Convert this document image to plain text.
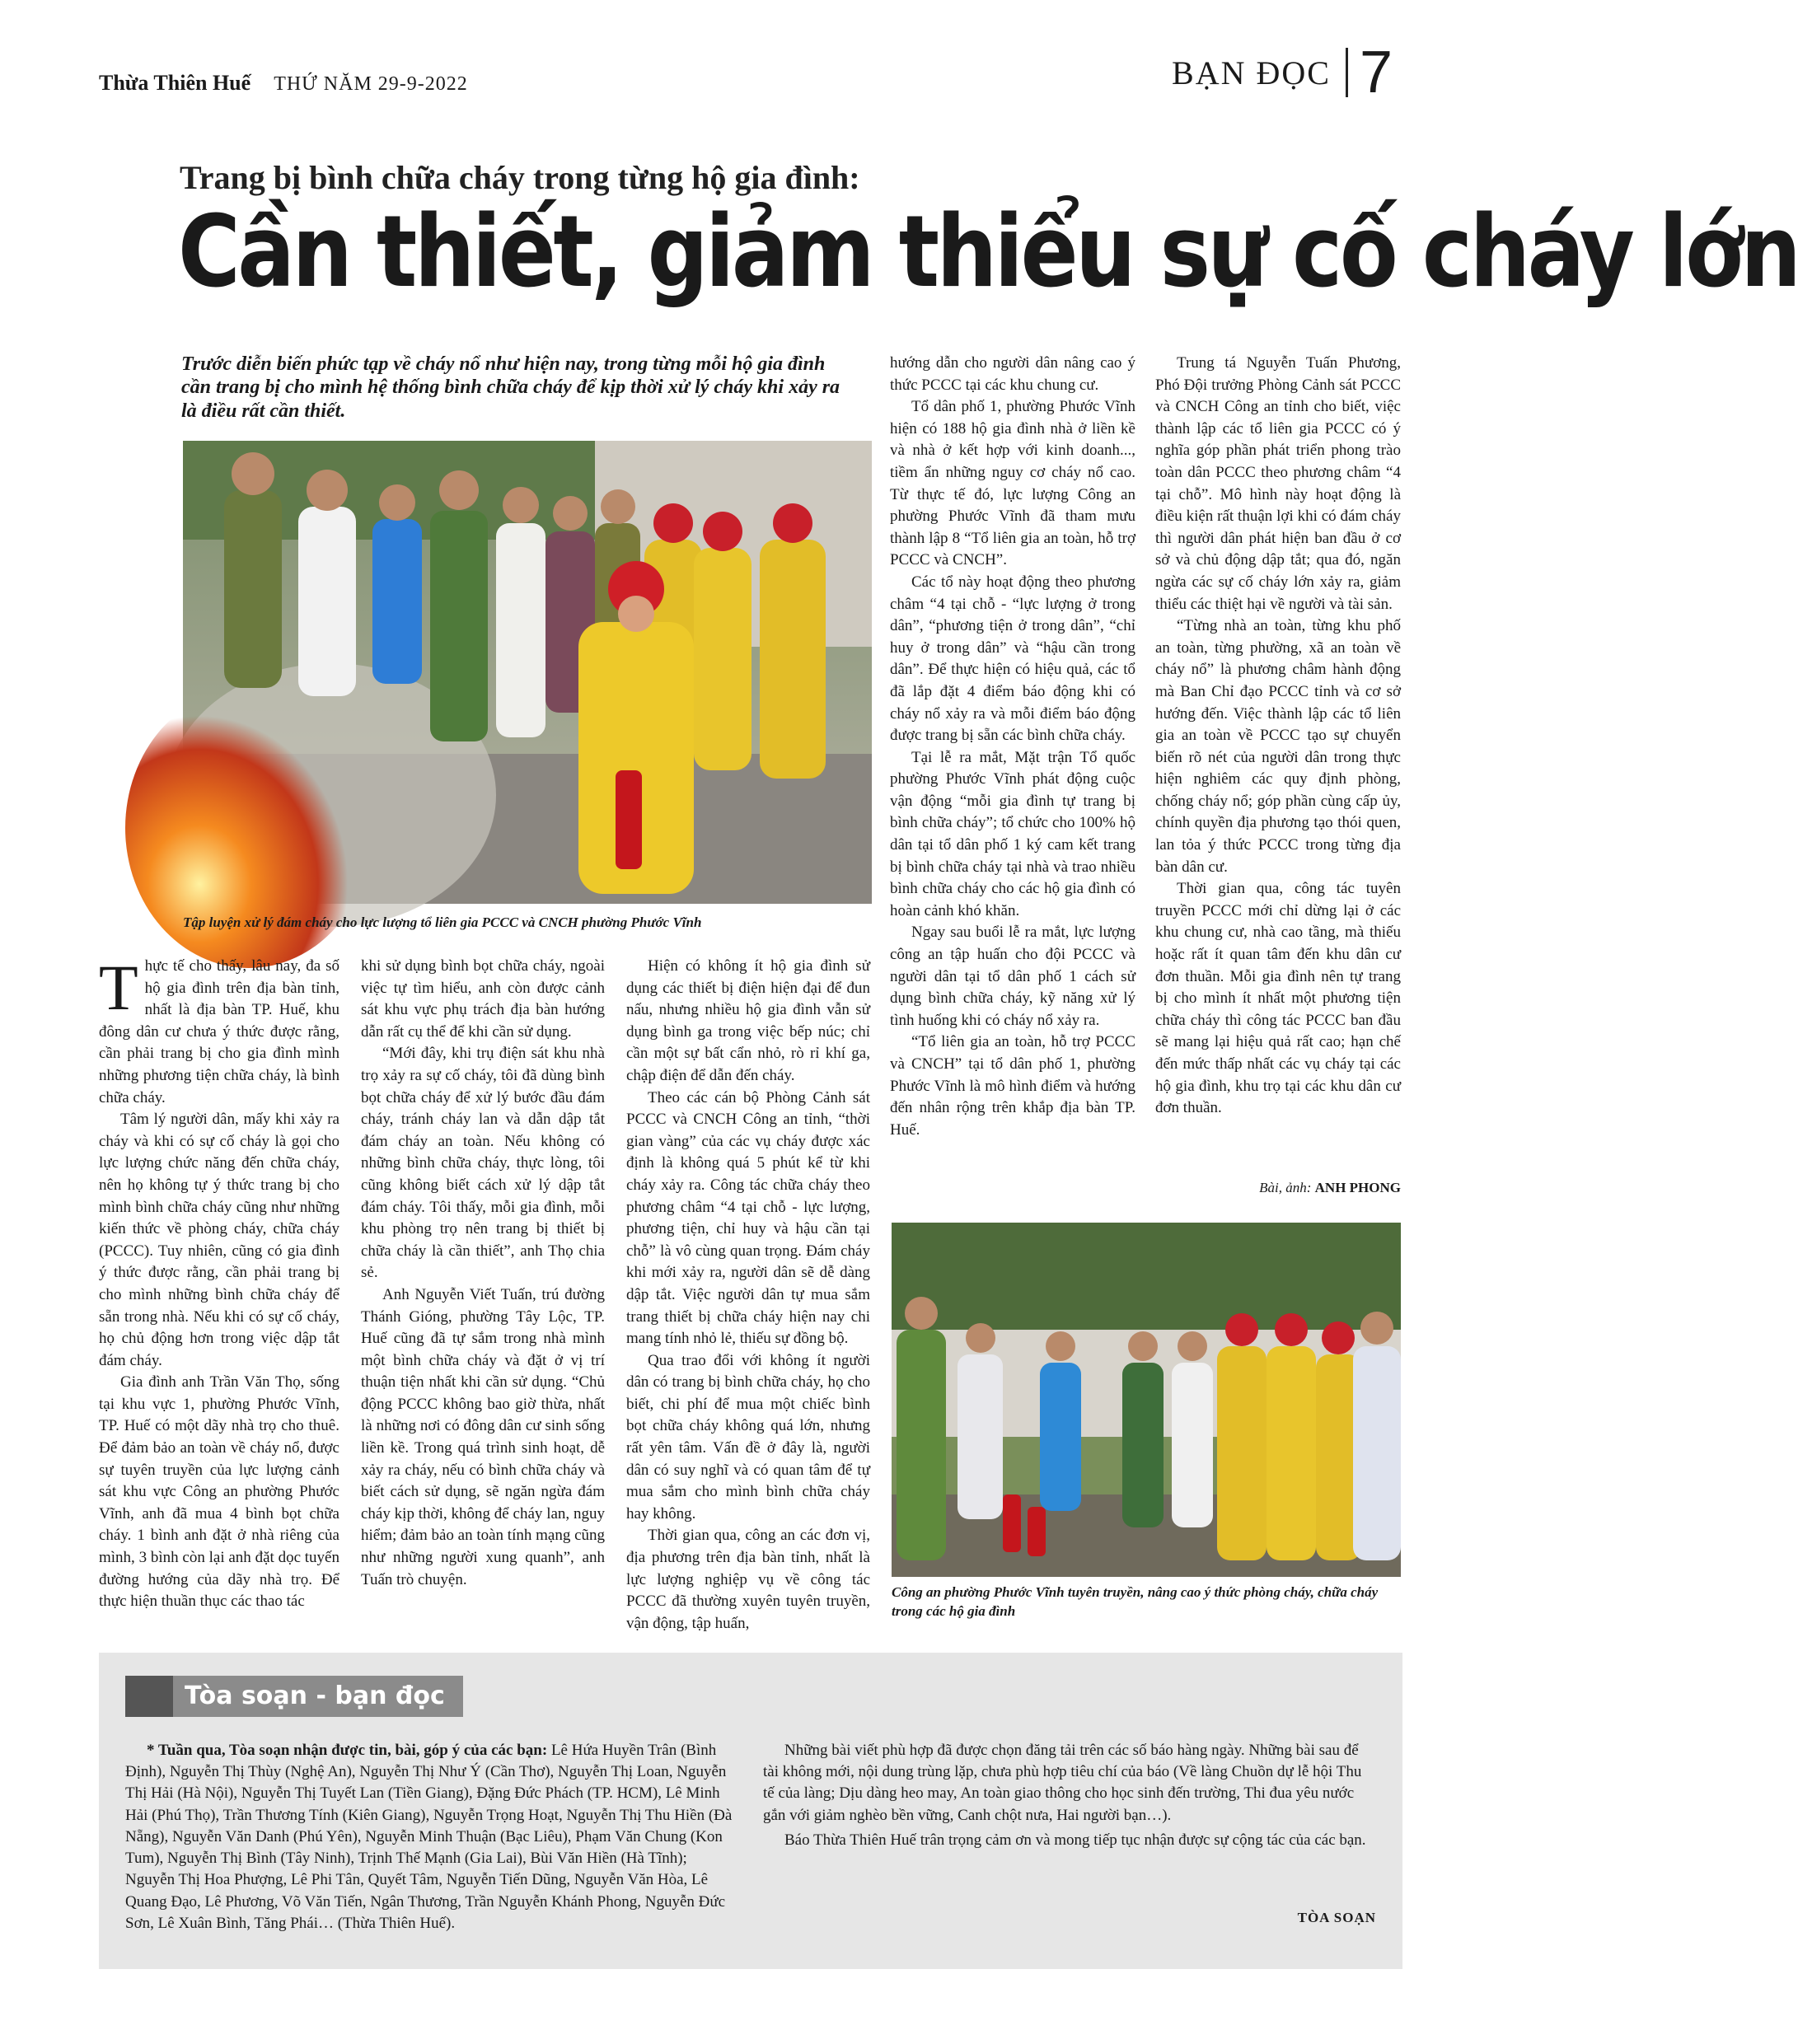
Thừa Thiên Huế THỨ NĂM 29-9-2022	BẠN ĐỌC 7
Trang bị bình chữa cháy trong từng hộ gia đình:
Cần thiết, giảm thiểu sự cố cháy lớn
Trước diễn biến phức tạp về cháy nổ như hiện nay, trong từng mỗi hộ gia đình cần trang bị cho mình hệ thống bình chữa cháy để kịp thời xử lý cháy khi xảy ra là điều rất cần thiết.
Tập luyện xử lý đám cháy cho lực lượng tổ liên gia PCCC và CNCH phường Phước Vĩnh

Thực tế cho thấy, lâu nay, đa số hộ gia đình trên địa bàn tỉnh, nhất là địa bàn TP. Huế, khu đông dân cư chưa ý thức được rằng, cần phải trang bị cho gia đình mình những phương tiện chữa cháy, là bình chữa cháy.

Tâm lý người dân, mấy khi xảy ra cháy và khi có sự cố cháy là gọi cho lực lượng chức năng đến chữa cháy, nên họ không tự ý thức trang bị cho mình bình chữa cháy cũng như những kiến thức về phòng cháy, chữa cháy (PCCC). Tuy nhiên, cũng có gia đình ý thức được rằng, cần phải trang bị cho mình những bình chữa cháy để sẵn trong nhà. Nếu khi có sự cố cháy, họ chủ động hơn trong việc dập tắt đám cháy.

Gia đình anh Trần Văn Thọ, sống tại khu vực 1, phường Phước Vĩnh, TP. Huế có một dãy nhà trọ cho thuê. Để đảm bảo an toàn về cháy nổ, được sự tuyên truyền của lực lượng cảnh sát khu vực Công an phường Phước Vĩnh, anh đã mua 4 bình bọt chữa cháy. 1 bình anh đặt ở nhà riêng của mình, 3 bình còn lại anh đặt dọc tuyến đường hướng của dãy nhà trọ. Để thực hiện thuần thục các thao tác

khi sử dụng bình bọt chữa cháy, ngoài việc tự tìm hiểu, anh còn được cảnh sát khu vực phụ trách địa bàn hướng dẫn rất cụ thể để khi cần sử dụng.

“Mới đây, khi trụ điện sát khu nhà trọ xảy ra sự cố cháy, tôi đã dùng bình bọt chữa cháy để xử lý bước đầu đám cháy, tránh cháy lan và dẫn dập tắt đám cháy an toàn. Nếu không có những bình chữa cháy, thực lòng, tôi cũng không biết cách xử lý dập tắt đám cháy. Tôi thấy, mỗi gia đình, mỗi khu phòng trọ nên trang bị thiết bị chữa cháy là cần thiết”, anh Thọ chia sẻ.

Anh Nguyễn Viết Tuấn, trú đường Thánh Gióng, phường Tây Lộc, TP. Huế cũng đã tự sắm trong nhà mình một bình chữa cháy và đặt ở vị trí thuận tiện nhất khi cần sử dụng. “Chủ động PCCC không bao giờ thừa, nhất là những nơi có đông dân cư sinh sống liền kề. Trong quá trình sinh hoạt, dễ xảy ra cháy, nếu có bình chữa cháy và biết cách sử dụng, sẽ ngăn ngừa đám cháy kịp thời, không để cháy lan, nguy hiểm; đảm bảo an toàn tính mạng cũng như những người xung quanh”, anh Tuấn trò chuyện.

Hiện có không ít hộ gia đình sử dụng các thiết bị điện hiện đại để đun nấu, nhưng nhiều hộ gia đình vẫn sử dụng bình ga trong việc bếp núc; chỉ cần một sự bất cẩn nhỏ, rò rỉ khí ga, chập điện để dẫn đến cháy.

Theo các cán bộ Phòng Cảnh sát PCCC và CNCH Công an tỉnh, “thời gian vàng” của các vụ cháy được xác định là không quá 5 phút kể từ khi cháy xảy ra. Công tác chữa cháy theo phương châm “4 tại chỗ - lực lượng, phương tiện, chỉ huy và hậu cần tại chỗ” là vô cùng quan trọng. Đám cháy khi mới xảy ra, người dân sẽ dễ dàng dập tắt. Việc người dân tự mua sắm trang thiết bị chữa cháy hiện nay chi mang tính nhỏ lẻ, thiếu sự đồng bộ.

Qua trao đổi với không ít người dân có trang bị bình chữa cháy, họ cho biết, chi phí để mua một chiếc bình bọt chữa cháy không quá lớn, nhưng rất yên tâm. Vấn đề ở đây là, người dân có suy nghĩ và có quan tâm để tự mua sắm cho mình bình chữa cháy hay không.

Thời gian qua, công an các đơn vị, địa phương trên địa bàn tỉnh, nhất là lực lượng nghiệp vụ về công tác PCCC đã thường xuyên tuyên truyền, vận động, tập huấn,

hướng dẫn cho người dân nâng cao ý thức PCCC tại các khu chung cư.

Tổ dân phố 1, phường Phước Vĩnh hiện có 188 hộ gia đình nhà ở liền kề và nhà ở kết hợp với kinh doanh..., tiềm ẩn những nguy cơ cháy nổ cao. Từ thực tế đó, lực lượng Công an phường Phước Vĩnh đã tham mưu thành lập 8 “Tổ liên gia an toàn, hỗ trợ PCCC và CNCH”.

Các tổ này hoạt động theo phương châm “4 tại chỗ - “lực lượng ở trong dân”, “phương tiện ở trong dân”, “chỉ huy ở trong dân” và “hậu cần trong dân”. Để thực hiện có hiệu quả, các tổ đã lắp đặt 4 điểm báo động khi có cháy nổ xảy ra và mỗi điểm báo động được trang bị sẵn các bình chữa cháy.

Tại lễ ra mắt, Mặt trận Tổ quốc phường Phước Vĩnh phát động cuộc vận động “mỗi gia đình tự trang bị bình chữa cháy”; tổ chức cho 100% hộ dân tại tổ dân phố 1 ký cam kết trang bị bình chữa cháy tại nhà và trao nhiều bình chữa cháy cho các hộ gia đình có hoàn cảnh khó khăn.

Ngay sau buổi lễ ra mắt, lực lượng công an tập huấn cho đội PCCC và người dân tại tổ dân phố 1 cách sử dụng bình chữa cháy, kỹ năng xử lý tình huống khi có cháy nổ xảy ra.

“Tổ liên gia an toàn, hỗ trợ PCCC và CNCH” tại tổ dân phố 1, phường Phước Vĩnh là mô hình điểm và hướng đến nhân rộng trên khắp địa bàn TP. Huế.

Trung tá Nguyễn Tuấn Phương, Phó Đội trưởng Phòng Cảnh sát PCCC và CNCH Công an tỉnh cho biết, việc thành lập các tổ liên gia PCCC có ý nghĩa góp phần phát triển phong trào toàn dân PCCC theo phương châm “4 tại chỗ”. Mô hình này hoạt động là điều kiện rất thuận lợi khi có đám cháy thì người dân phát hiện ban đầu ở cơ sở và chủ động dập tắt; qua đó, ngăn ngừa các sự cố cháy lớn xảy ra, giảm thiểu các thiệt hại về người và tài sản.

“Từng nhà an toàn, từng khu phố an toàn, từng phường, xã an toàn về cháy nổ” là phương châm hành động mà Ban Chỉ đạo PCCC tỉnh và cơ sở hướng đến. Việc thành lập các tổ liên gia an toàn về PCCC tạo sự chuyển biến rõ nét của người dân trong thực hiện nghiêm các quy định phòng, chống cháy nổ; góp phần cùng cấp ủy, chính quyền địa phương tạo thói quen, lan tỏa ý thức PCCC trong từng địa bàn dân cư.

Thời gian qua, công tác tuyên truyền PCCC mới chỉ dừng lại ở các khu chung cư, nhà cao tầng, mà thiếu hoặc rất ít quan tâm đến khu dân cư đơn thuần. Mỗi gia đình nên tự trang bị cho mình ít nhất một phương tiện chữa cháy thì công tác PCCC ban đầu sẽ mang lại hiệu quả rất cao; hạn chế đến mức thấp nhất các vụ cháy tại các hộ gia đình, khu trọ tại các khu dân cư đơn thuần.

Bài, ảnh: ANH PHONG
Công an phường Phước Vĩnh tuyên truyền, nâng cao ý thức phòng cháy, chữa cháy trong các hộ gia đình
Tòa soạn - bạn đọc

* Tuần qua, Tòa soạn nhận được tin, bài, góp ý của các bạn: Lê Hứa Huyền Trân (Bình Định), Nguyễn Thị Thùy (Nghệ An), Nguyễn Thị Như Ý (Cần Thơ), Nguyễn Thị Loan, Nguyễn Thị Hải (Hà Nội), Nguyễn Thị Tuyết Lan (Tiền Giang), Đặng Đức Phách (TP. HCM), Lê Minh Hải (Phú Thọ), Trần Thương Tính (Kiên Giang), Nguyễn Trọng Hoạt, Nguyễn Thị Thu Hiền (Đà Nẵng), Nguyễn Văn Danh (Phú Yên), Nguyễn Minh Thuận (Bạc Liêu), Phạm Văn Chung (Kon Tum), Nguyễn Thị Bình (Tây Ninh), Trịnh Thế Mạnh (Gia Lai), Bùi Văn Hiền (Hà Tĩnh); Nguyễn Thị Hoa Phượng, Lê Phi Tân, Quyết Tâm, Nguyễn Tiến Dũng, Nguyễn Văn Hòa, Lê Quang Đạo, Lê Phương, Võ Văn Tiến, Ngân Thương, Trần Nguyễn Khánh Phong, Nguyễn Đức Sơn, Lê Xuân Bình, Tăng Phái… (Thừa Thiên Huế).

Những bài viết phù hợp đã được chọn đăng tải trên các số báo hàng ngày. Những bài sau để tài không mới, nội dung trùng lặp, chưa phù hợp tiêu chí của báo (Về làng Chuồn dự lễ hội Thu tế của làng; Dịu dàng heo may, An toàn giao thông cho học sinh đến trường, Thi đua yêu nước gắn với giảm nghèo bền vững, Canh chột nưa, Hai người bạn…).

Báo Thừa Thiên Huế trân trọng cảm ơn và mong tiếp tục nhận được sự cộng tác của các bạn.

TÒA SOẠN
